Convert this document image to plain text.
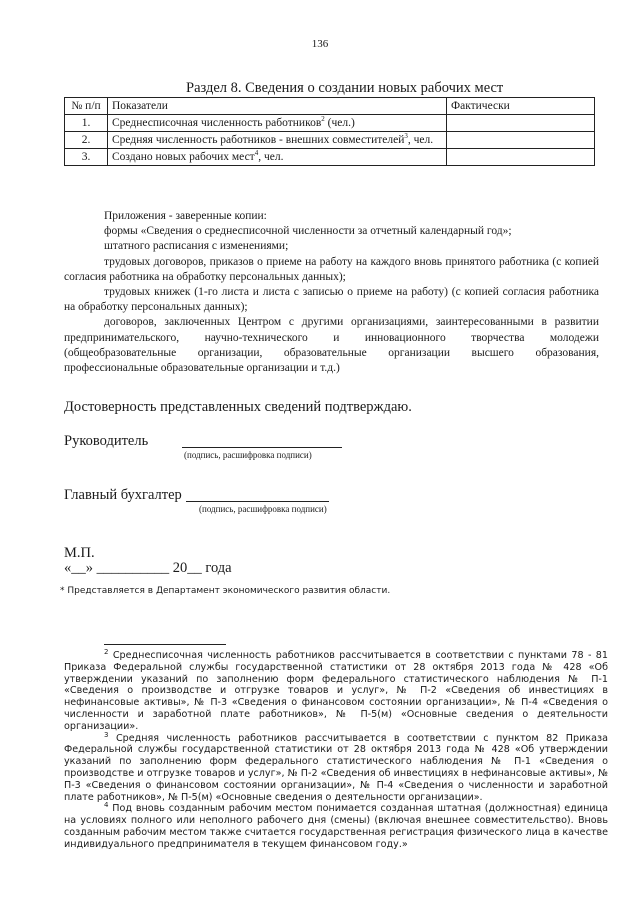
136
Раздел 8. Сведения о создании новых рабочих мест
№ п/п	Показатели	Фактически
1.	Среднесписочная численность работников$^2$ (чел.)	
2.	Средняя численность работников - внешних совместителей$^3$, чел.	
3.	Создано новых рабочих мест$^4$, чел.	

Приложения - заверенные копии:

формы «Сведения о среднесписочной численности за отчетный календарный год»;

штатного расписания с изменениями;

трудовых договоров, приказов о приеме на работу на каждого вновь принятого работника (с копией согласия работника на обработку персональных данных);

трудовых книжек (1-го листа и листа с записью о приеме на работу) (с копией согласия работника на обработку персональных данных);

договоров, заключенных Центром с другими организациями, заинтересованными в развитии предпринимательского, научно-технического и инновационного творчества молодежи (общеобразовательные организации, образовательные организации высшего образования, профессиональные образовательные организации и т.д.)

Достоверность представленных сведений подтверждаю.
Руководитель
(подпись, расшифровка подписи)
Главный бухгалтер
(подпись, расшифровка подписи)
М.П.
«__» __________ 20__ года
* Представляется в Департамент экономического развития области.

$^2$ Среднесписочная численность работников рассчитывается в соответствии с пунктами 78 - 81 Приказа Федеральной службы государственной статистики от 28 октября 2013 года № 428 «Об утверждении указаний по заполнению форм федерального статистического наблюдения № П-1 «Сведения о производстве и отгрузке товаров и услуг», № П-2 «Сведения об инвестициях в нефинансовые активы», № П-3 «Сведения о финансовом состоянии организации», № П-4 «Сведения о численности и заработной плате работников», № П-5(м) «Основные сведения о деятельности организации».

$^3$ Средняя численность работников рассчитывается в соответствии с пунктом 82 Приказа Федеральной службы государственной статистики от 28 октября 2013 года № 428 «Об утверждении указаний по заполнению форм федерального статистического наблюдения № П-1 «Сведения о производстве и отгрузке товаров и услуг», № П-2 «Сведения об инвестициях в нефинансовые активы», № П-3 «Сведения о финансовом состоянии организации», № П-4 «Сведения о численности и заработной плате работников», № П-5(м) «Основные сведения о деятельности организации».

$^4$ Под вновь созданным рабочим местом понимается созданная штатная (должностная) единица на условиях полного или неполного рабочего дня (смены) (включая внешнее совместительство). Вновь созданным рабочим местом также считается государственная регистрация физического лица в качестве индивидуального предпринимателя в текущем финансовом году.»
